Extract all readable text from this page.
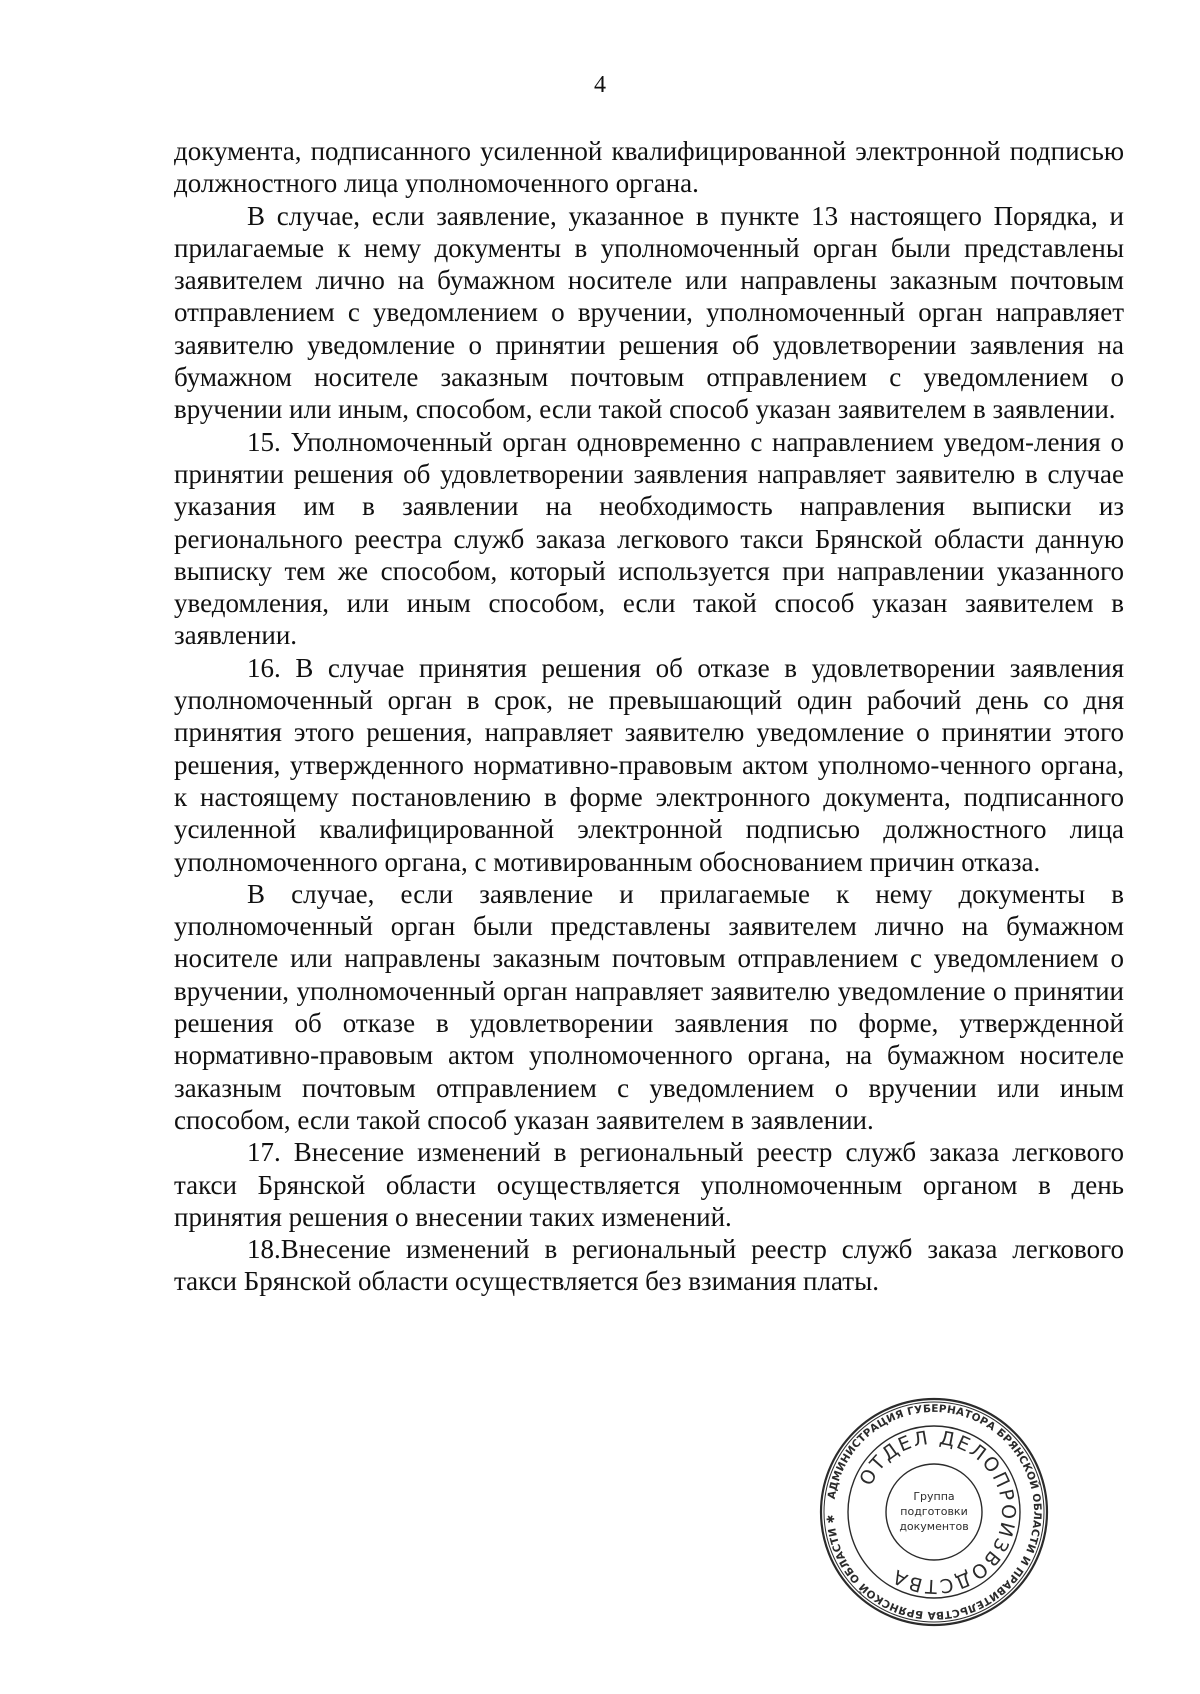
4

документа, подписанного усиленной квалифицированной электронной подписью должностного лица уполномоченного органа.

В случае, если заявление, указанное в пункте 13 настоящего Порядка, и прилагаемые к нему документы в уполномоченный орган были представлены заявителем лично на бумажном носителе или направлены заказным почтовым отправлением с уведомлением о вручении, уполномоченный орган направляет заявителю уведомление о принятии решения об удовлетворении заявления на бумажном носителе заказным почтовым отправлением с уведомлением о вручении или иным, способом, если такой способ указан заявителем в заявлении.

15. Уполномоченный орган одновременно с направлением уведом-ления о принятии решения об удовлетворении заявления направляет заявителю в случае указания им в заявлении на необходимость направления выписки из регионального реестра служб заказа легкового такси Брянской области данную выписку тем же способом, который используется при направлении указанного уведомления, или иным способом, если такой способ указан заявителем в заявлении.

16. В случае принятия решения об отказе в удовлетворении заявления уполномоченный орган в срок, не превышающий один рабочий день со дня принятия этого решения, направляет заявителю уведомление о принятии этого решения, утвержденного нормативно-правовым актом уполномо-ченного органа, к настоящему постановлению в форме электронного документа, подписанного усиленной квалифицированной электронной подписью должностного лица уполномоченного органа, с мотивированным обоснованием причин отказа.

В случае, если заявление и прилагаемые к нему документы в уполномоченный орган были представлены заявителем лично на бумажном носителе или направлены заказным почтовым отправлением с уведомлением о вручении, уполномоченный орган направляет заявителю уведомление о принятии решения об отказе в удовлетворении заявления по форме, утвержденной нормативно-правовым актом уполномоченного органа, на бумажном носителе заказным почтовым отправлением с уведомлением о вручении или иным способом, если такой способ указан заявителем в заявлении.

17. Внесение изменений в региональный реестр служб заказа легкового такси Брянской области осуществляется уполномоченным органом в день принятия решения о внесении таких изменений.

18.Внесение изменений в региональный реестр служб заказа легкового такси Брянской области осуществляется без взимания платы.

АДМИНИСТРАЦИЯ ГУБЕРНАТОРА БРЯНСКОЙ ОБЛАСТИ И ПРАВИТЕЛЬСТВА БРЯНСКОЙ ОБЛАСТИ ✱
ОТДЕЛ ДЕЛОПРОИЗВОДСТВА
Группа
подготовки
документов
